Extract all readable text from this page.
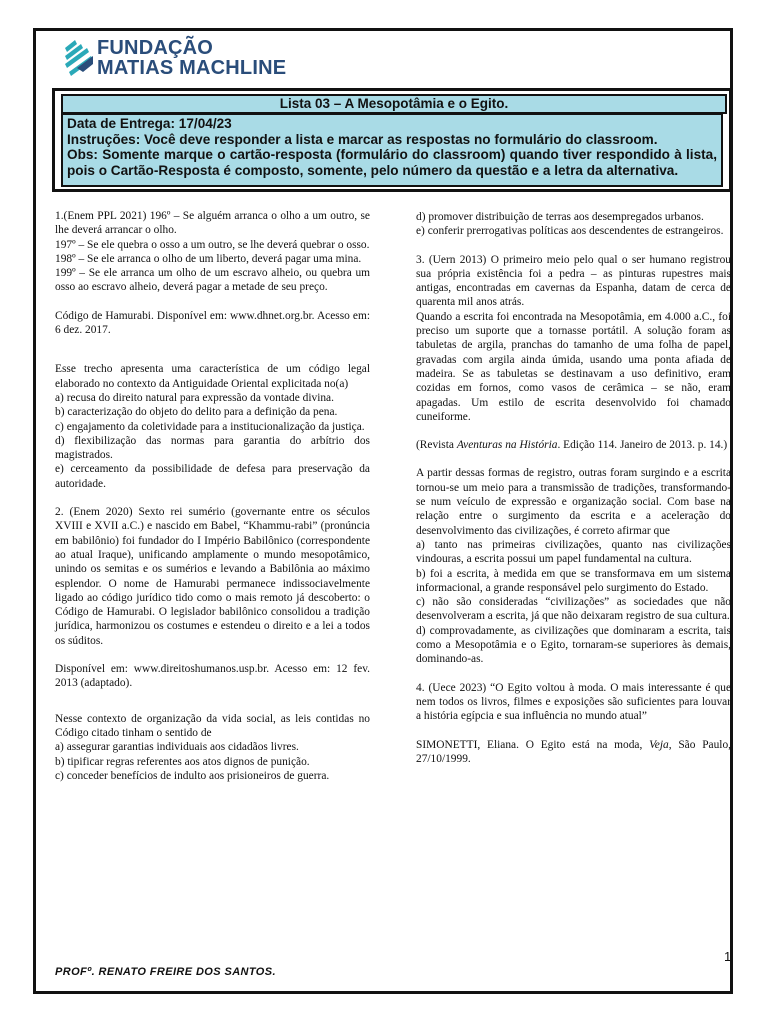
FUNDAÇÃO
MATIAS MACHLINE
Lista 03 – A Mesopotâmia e o Egito.
Data de Entrega: 17/04/23
Instruções: Você deve responder a lista e marcar as respostas no formulário do classroom.
Obs: Somente marque o cartão-resposta (formulário do classroom) quando tiver respondido à lista, pois o Cartão-Resposta é composto, somente, pelo número da questão e a letra da alternativa.

1.(Enem PPL 2021) 196º – Se alguém arranca o olho a um outro, se lhe deverá arrancar o olho.

197º – Se ele quebra o osso a um outro, se lhe deverá quebrar o osso.

198º – Se ele arranca o olho de um liberto, deverá pagar uma mina.

199º – Se ele arranca um olho de um escravo alheio, ou quebra um osso ao escravo alheio, deverá pagar a metade de seu preço.

Código de Hamurabi. Disponível em: www.dhnet.org.br. Acesso em: 6 dez. 2017.

Esse trecho apresenta uma característica de um código legal elaborado no contexto da Antiguidade Oriental explicitada no(a)

a) recusa do direito natural para expressão da vontade divina.

b) caracterização do objeto do delito para a definição da pena.

c) engajamento da coletividade para a institucionalização da justiça.

d) flexibilização das normas para garantia do arbítrio dos magistrados.

e) cerceamento da possibilidade de defesa para preservação da autoridade.

2. (Enem 2020) Sexto rei sumério (governante entre os séculos XVIII e XVII a.C.) e nascido em Babel, “Khammu-rabi” (pronúncia em babilônio) foi fundador do I Império Babilônico (correspondente ao atual Iraque), unificando amplamente o mundo mesopotâmico, unindo os semitas e os sumérios e levando a Babilônia ao máximo esplendor. O nome de Hamurabi permanece indissociavelmente ligado ao código jurídico tido como o mais remoto já descoberto: o Código de Hamurabi. O legislador babilônico consolidou a tradição jurídica, harmonizou os costumes e estendeu o direito e a lei a todos os súditos.

Disponível em: www.direitoshumanos.usp.br. Acesso em: 12 fev. 2013 (adaptado).

Nesse contexto de organização da vida social, as leis contidas no Código citado tinham o sentido de

a) assegurar garantias individuais aos cidadãos livres.

b) tipificar regras referentes aos atos dignos de punição.

c) conceder benefícios de indulto aos prisioneiros de guerra.

d) promover distribuição de terras aos desempregados urbanos.

e) conferir prerrogativas políticas aos descendentes de estrangeiros.

3. (Uern 2013) O primeiro meio pelo qual o ser humano registrou sua própria existência foi a pedra – as pinturas rupestres mais antigas, encontradas em cavernas da Espanha, datam de cerca de quarenta mil anos atrás.

Quando a escrita foi encontrada na Mesopotâmia, em 4.000 a.C., foi preciso um suporte que a tornasse portátil. A solução foram as tabuletas de argila, pranchas do tamanho de uma folha de papel, gravadas com argila ainda úmida, usando uma ponta afiada de madeira. Se as tabuletas se destinavam a uso definitivo, eram cozidas em fornos, como vasos de cerâmica – se não, eram apagadas. Um estilo de escrita desenvolvido foi chamado cuneiforme.

(Revista Aventuras na História. Edição 114. Janeiro de 2013. p. 14.)

A partir dessas formas de registro, outras foram surgindo e a escrita tornou-se um meio para a transmissão de tradições, transformando-se num veículo de expressão e organização social. Com base na relação entre o surgimento da escrita e a aceleração do desenvolvimento das civilizações, é correto afirmar que

a) tanto nas primeiras civilizações, quanto nas civilizações vindouras, a escrita possui um papel fundamental na cultura.

b) foi a escrita, à medida em que se transformava em um sistema informacional, a grande responsável pelo surgimento do Estado.

c) não são consideradas “civilizações” as sociedades que não desenvolveram a escrita, já que não deixaram registro de sua cultura.

d) comprovadamente, as civilizações que dominaram a escrita, tais como a Mesopotâmia e o Egito, tornaram-se superiores às demais, dominando-as.

4. (Uece 2023) “O Egito voltou à moda. O mais interessante é que nem todos os livros, filmes e exposições são suficientes para louvar a história egípcia e sua influência no mundo atual”

SIMONETTI, Eliana. O Egito está na moda, Veja, São Paulo, 27/10/1999.

1
PROFº. RENATO FREIRE DOS SANTOS.
